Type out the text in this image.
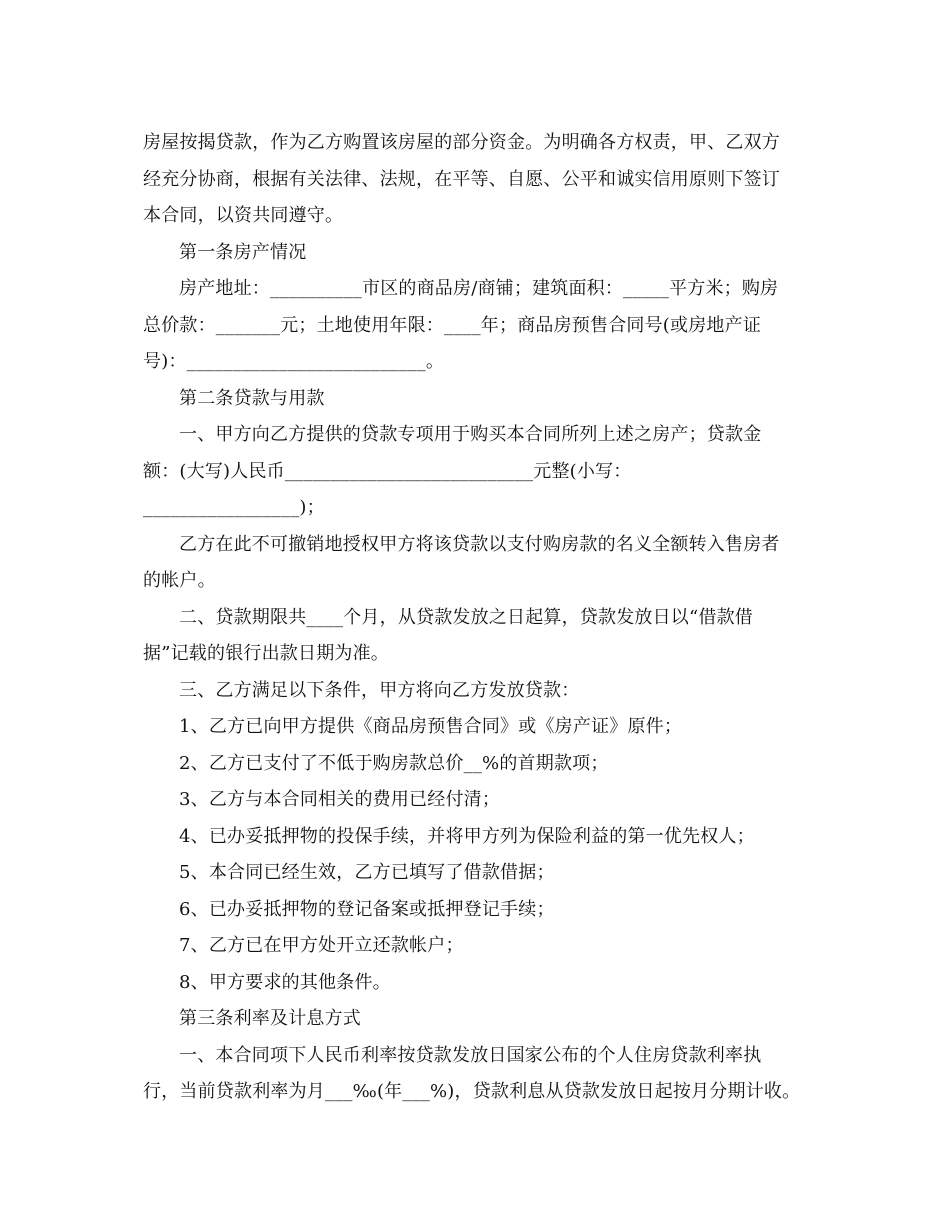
房屋按揭贷款，作为乙方购置该房屋的部分资金。为明确各方权责，甲、乙双方
经充分协商，根据有关法律、法规，在平等、自愿、公平和诚实信用原则下签订
本合同，以资共同遵守。
第一条房产情况
房产地址：__________市区的商品房/商铺；建筑面积：_____平方米；购房
总价款：_______元；土地使用年限：____年；商品房预售合同号(或房地产证
号)：__________________________。
第二条贷款与用款
一、甲方向乙方提供的贷款专项用于购买本合同所列上述之房产；贷款金
额：(大写)人民币___________________________元整(小写：
_________________)；
乙方在此不可撤销地授权甲方将该贷款以支付购房款的名义全额转入售房者
的帐户。
二、贷款期限共____个月，从贷款发放之日起算，贷款发放日以“借款借
据”记载的银行出款日期为准。
三、乙方满足以下条件，甲方将向乙方发放贷款：
1、乙方已向甲方提供《商品房预售合同》或《房产证》原件；
2、乙方已支付了不低于购房款总价__%的首期款项；
3、乙方与本合同相关的费用已经付清；
4、已办妥抵押物的投保手续，并将甲方列为保险利益的第一优先权人；
5、本合同已经生效，乙方已填写了借款借据；
6、已办妥抵押物的登记备案或抵押登记手续；
7、乙方已在甲方处开立还款帐户；
8、甲方要求的其他条件。
第三条利率及计息方式
一、本合同项下人民币利率按贷款发放日国家公布的个人住房贷款利率执
行，当前贷款利率为月___‰(年___%)，贷款利息从贷款发放日起按月分期计收。
